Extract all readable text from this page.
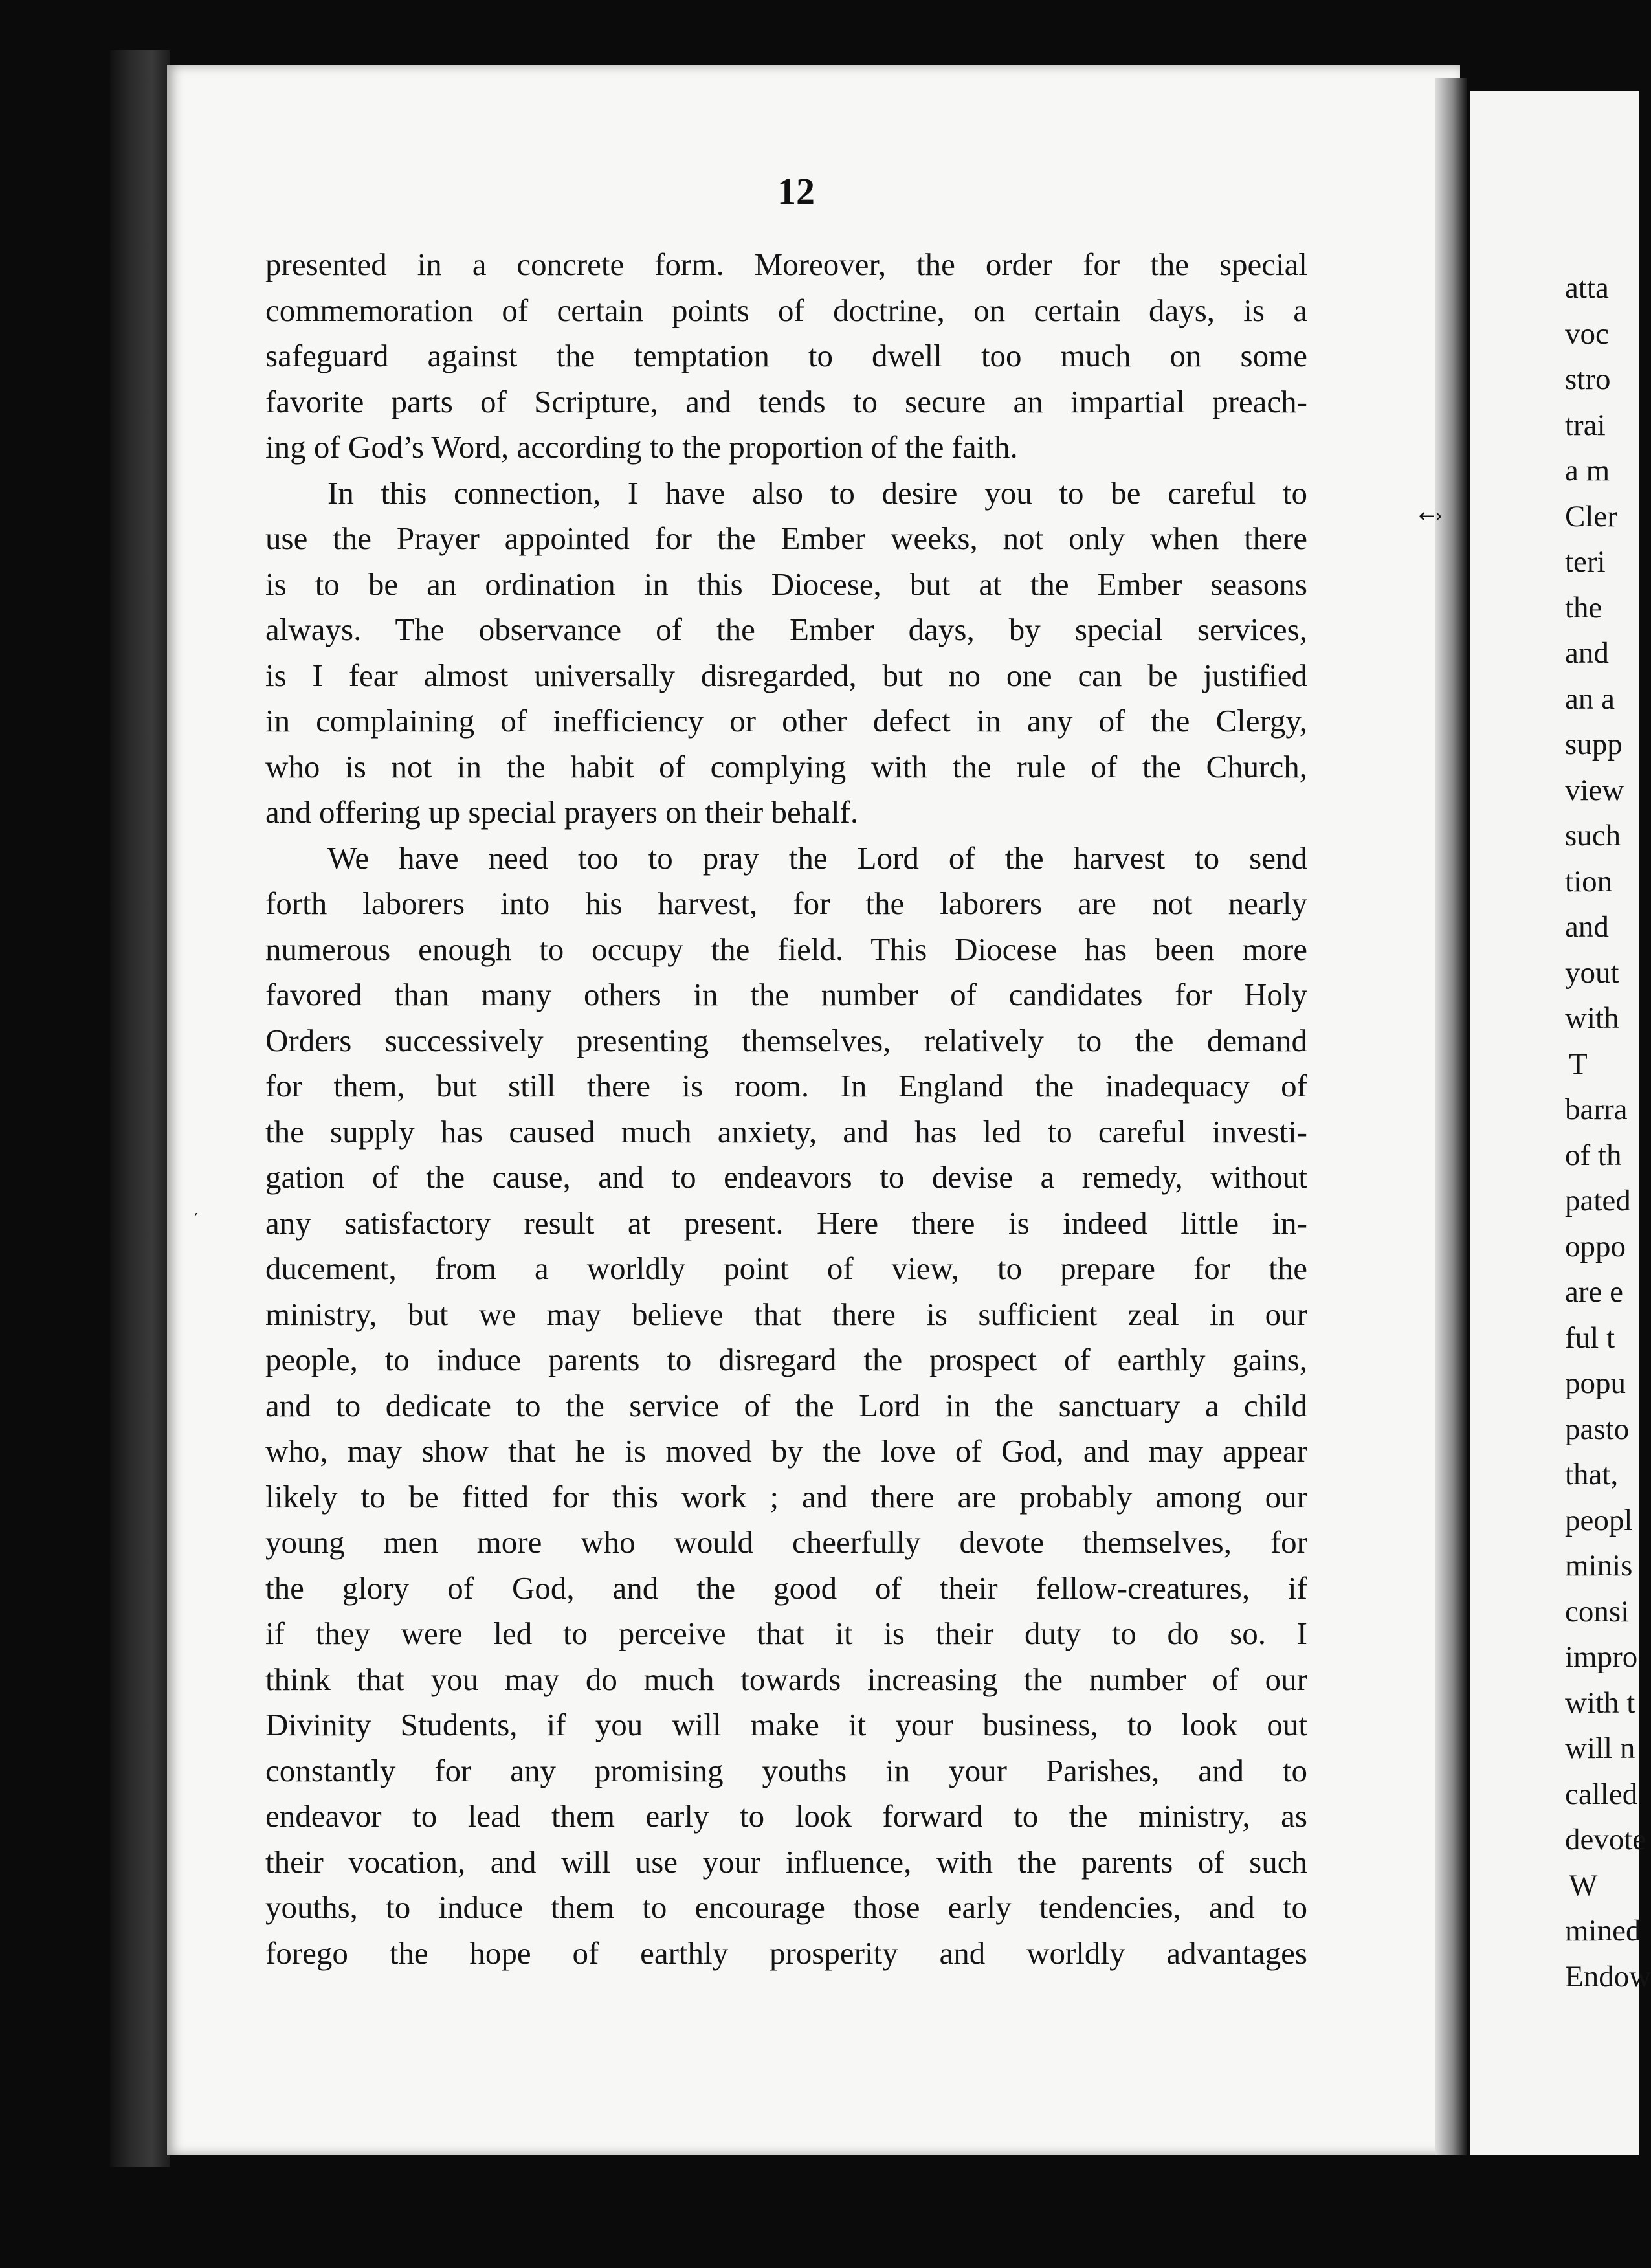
←›
′
12
presented in a concrete form. Moreover, the order for the special
commemoration of certain points of doctrine, on certain days, is a
safeguard against the temptation to dwell too much on some
favorite parts of Scripture, and tends to secure an impartial preach-
ing of God’s Word, according to the proportion of the faith.
In this connection, I have also to desire you to be careful to
use the Prayer appointed for the Ember weeks, not only when there
is to be an ordination in this Diocese, but at the Ember seasons
always. The observance of the Ember days, by special services,
is I fear almost universally disregarded, but no one can be justified
in complaining of inefficiency or other defect in any of the Clergy,
who is not in the habit of complying with the rule of the Church,
and offering up special prayers on their behalf.
We have need too to pray the Lord of the harvest to send
forth laborers into his harvest, for the laborers are not nearly
numerous enough to occupy the field. This Diocese has been more
favored than many others in the number of candidates for Holy
Orders successively presenting themselves, relatively to the demand
for them, but still there is room. In England the inadequacy of
the supply has caused much anxiety, and has led to careful investi-
gation of the cause, and to endeavors to devise a remedy, without
any satisfactory result at present. Here there is indeed little in-
ducement, from a worldly point of view, to prepare for the
ministry, but we may believe that there is sufficient zeal in our
people, to induce parents to disregard the prospect of earthly gains,
and to dedicate to the service of the Lord in the sanctuary a child
who, may show that he is moved by the love of God, and may appear
likely to be fitted for this work ; and there are probably among our
young men more who would cheerfully devote themselves, for
the glory of God, and the good of their fellow-creatures, if
if they were led to perceive that it is their duty to do so. I
think that you may do much towards increasing the number of our
Divinity Students, if you will make it your business, to look out
constantly for any promising youths in your Parishes, and to
endeavor to lead them early to look forward to the ministry, as
their vocation, and will use your influence, with the parents of such
youths, to induce them to encourage those early tendencies, and to
forego the hope of earthly prosperity and worldly advantages
atta
voc
stro
trai
a m
Cler
teri
the
and
an a
supp
view
such
tion
and
yout
with
T
barra
of th
pated
oppo
are e
ful t
popu
pasto
that,
peopl
minis
consi
impro
with t
will n
called
devote
W
mined
Endow
